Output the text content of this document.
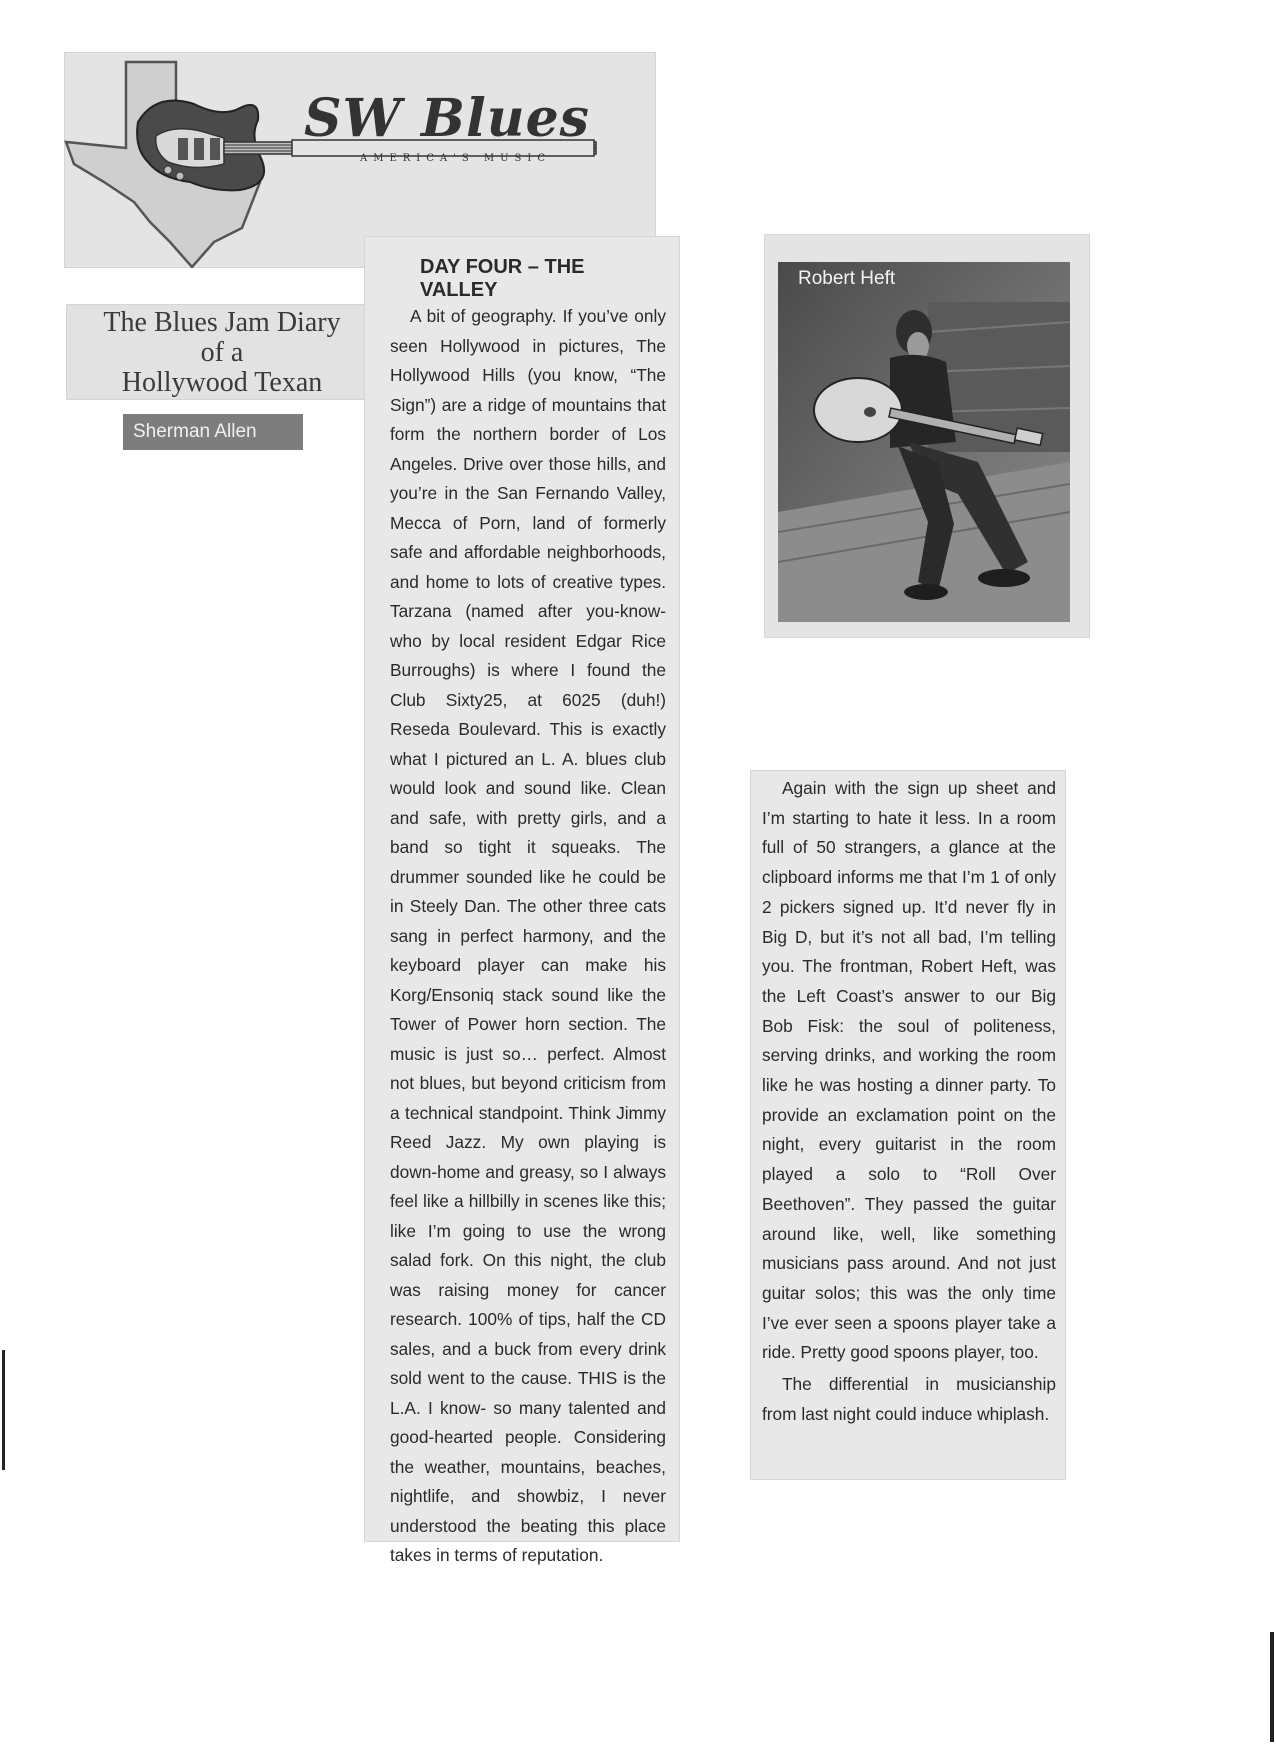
SW Blues
AMERICA'S MUSIC
The Blues Jam Diary
of a
Hollywood Texan
Sherman Allen
DAY FOUR – THE VALLEY

A bit of geography. If you’ve only seen Hollywood in pictures, The Hollywood Hills (you know, “The Sign”) are a ridge of mountains that form the northern border of Los Angeles. Drive over those hills, and you’re in the San Fernando Valley, Mecca of Porn, land of formerly safe and affordable neighborhoods, and home to lots of creative types. Tarzana (named after you-know-who by local resident Edgar Rice Burroughs) is where I found the Club Sixty25, at 6025 (duh!) Reseda Boulevard. This is exactly what I pictured an L. A. blues club would look and sound like. Clean and safe, with pretty girls, and a band so tight it squeaks. The drummer sounded like he could be in Steely Dan. The other three cats sang in perfect harmony, and the keyboard player can make his Korg/Ensoniq stack sound like the Tower of Power horn section. The music is just so… perfect. Almost not blues, but beyond criticism from a technical standpoint. Think Jimmy Reed Jazz. My own playing is down-home and greasy, so I always feel like a hillbilly in scenes like this; like I’m going to use the wrong salad fork. On this night, the club was raising money for cancer research. 100% of tips, half the CD sales, and a buck from every drink sold went to the cause. THIS is the L.A. I know- so many talented and good-hearted people. Considering the weather, mountains, beaches, nightlife, and showbiz, I never understood the beating this place takes in terms of reputation.

Robert Heft

Again with the sign up sheet and I’m starting to hate it less. In a room full of 50 strangers, a glance at the clipboard informs me that I’m 1 of only 2 pickers signed up. It’d never fly in Big D, but it’s not all bad, I’m telling you. The frontman, Robert Heft, was the Left Coast’s answer to our Big Bob Fisk: the soul of politeness, serving drinks, and working the room like he was hosting a dinner party. To provide an exclamation point on the night, every guitarist in the room played a solo to “Roll Over Beethoven”. They passed the guitar around like, well, like something musicians pass around. And not just guitar solos; this was the only time I’ve ever seen a spoons player take a ride. Pretty good spoons player, too.

The differential in musicianship from last night could induce whiplash.
